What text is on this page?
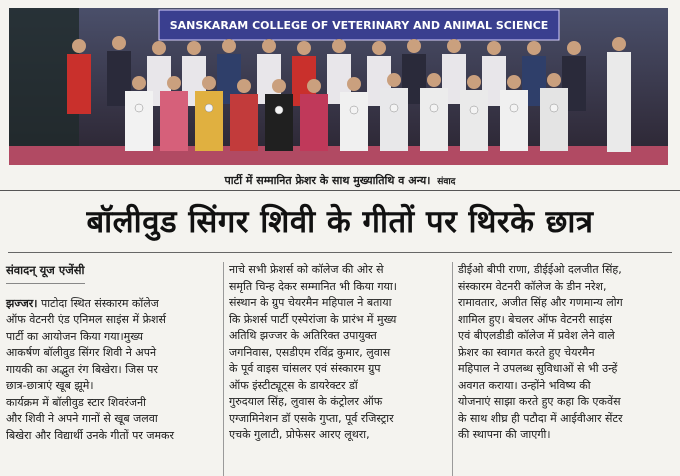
SANSKARAM COLLEGE OF VETERINARY AND ANIMAL SCIENCE
पार्टी में सम्मानित फ्रेशर के साथ मुख्यातिथि व अन्य। संवाद
बॉलीवुड सिंगर शिवी के गीतों पर थिरके छात्र
संवादन् यूज एजेंसी

झज्जर। पाटोदा स्थित संस्कारम कॉलेज
ऑफ वेटनरी एंड एनिमल साइंस में फ्रेशर्स
पार्टी का आयोजन किया गया।मुख्य
आकर्षण बॉलीवुड सिंगर शिवी ने अपने
गायकी का अद्भुत रंग बिखेरा। जिस पर
छात्र-छात्राएं खूब झूमे।
कार्यक्रम में बॉलीवुड स्टार शिवरंजनी
और शिवी ने अपने गानों से खूब जलवा
बिखेरा और विद्यार्थी उनके गीतों पर जमकर

नाचे सभी फ्रेशर्स को कॉलेज की ओर से
समृति चिन्ह देकर सम्मानित भी किया गया।
संस्थान के ग्रुप चेयरमैन महिपाल ने बताया
कि फ्रेशर्स पार्टी एस्पेरांजा के प्रारंभ में मुख्य
अतिथि झज्जर के अतिरिक्त उपायुक्त
जगनिवास, एसडीएम रविंद्र कुमार, लुवास
के पूर्व वाइस चांसलर एवं संस्कारम ग्रुप
ऑफ इंस्टीट्यूट्स के डायरेक्टर डॉ
गुरुदयाल सिंह, लुवास के कंट्रोलर ऑफ
एग्जामिनेशन डॉ एसके गुप्ता, पूर्व रजिस्ट्रार
एचके गुलाटी, प्रोफेसर आरए लूथरा,

डीईओ बीपी राणा, डीईईओ दलजीत सिंह,
संस्कारम वेटनरी कॉलेज के डीन नरेश,
रामावतार, अजीत सिंह और गणमान्य लोग
शामिल हुए। बेचलर ऑफ वेटनरी साइंस
एवं बीएलडीडी कॉलेज में प्रवेश लेने वाले
फ्रेशर का स्वागत करते हुए चेयरमैन
महिपाल ने उपलब्ध सुविधाओं से भी उन्हें
अवगत कराया। उन्होंने भविष्य की
योजनाएं साझा करते हुए कहा कि एकवेंस
के साथ शीघ्र ही पटौदा में आईवीआर सेंटर
की स्थापना की जाएगी।
